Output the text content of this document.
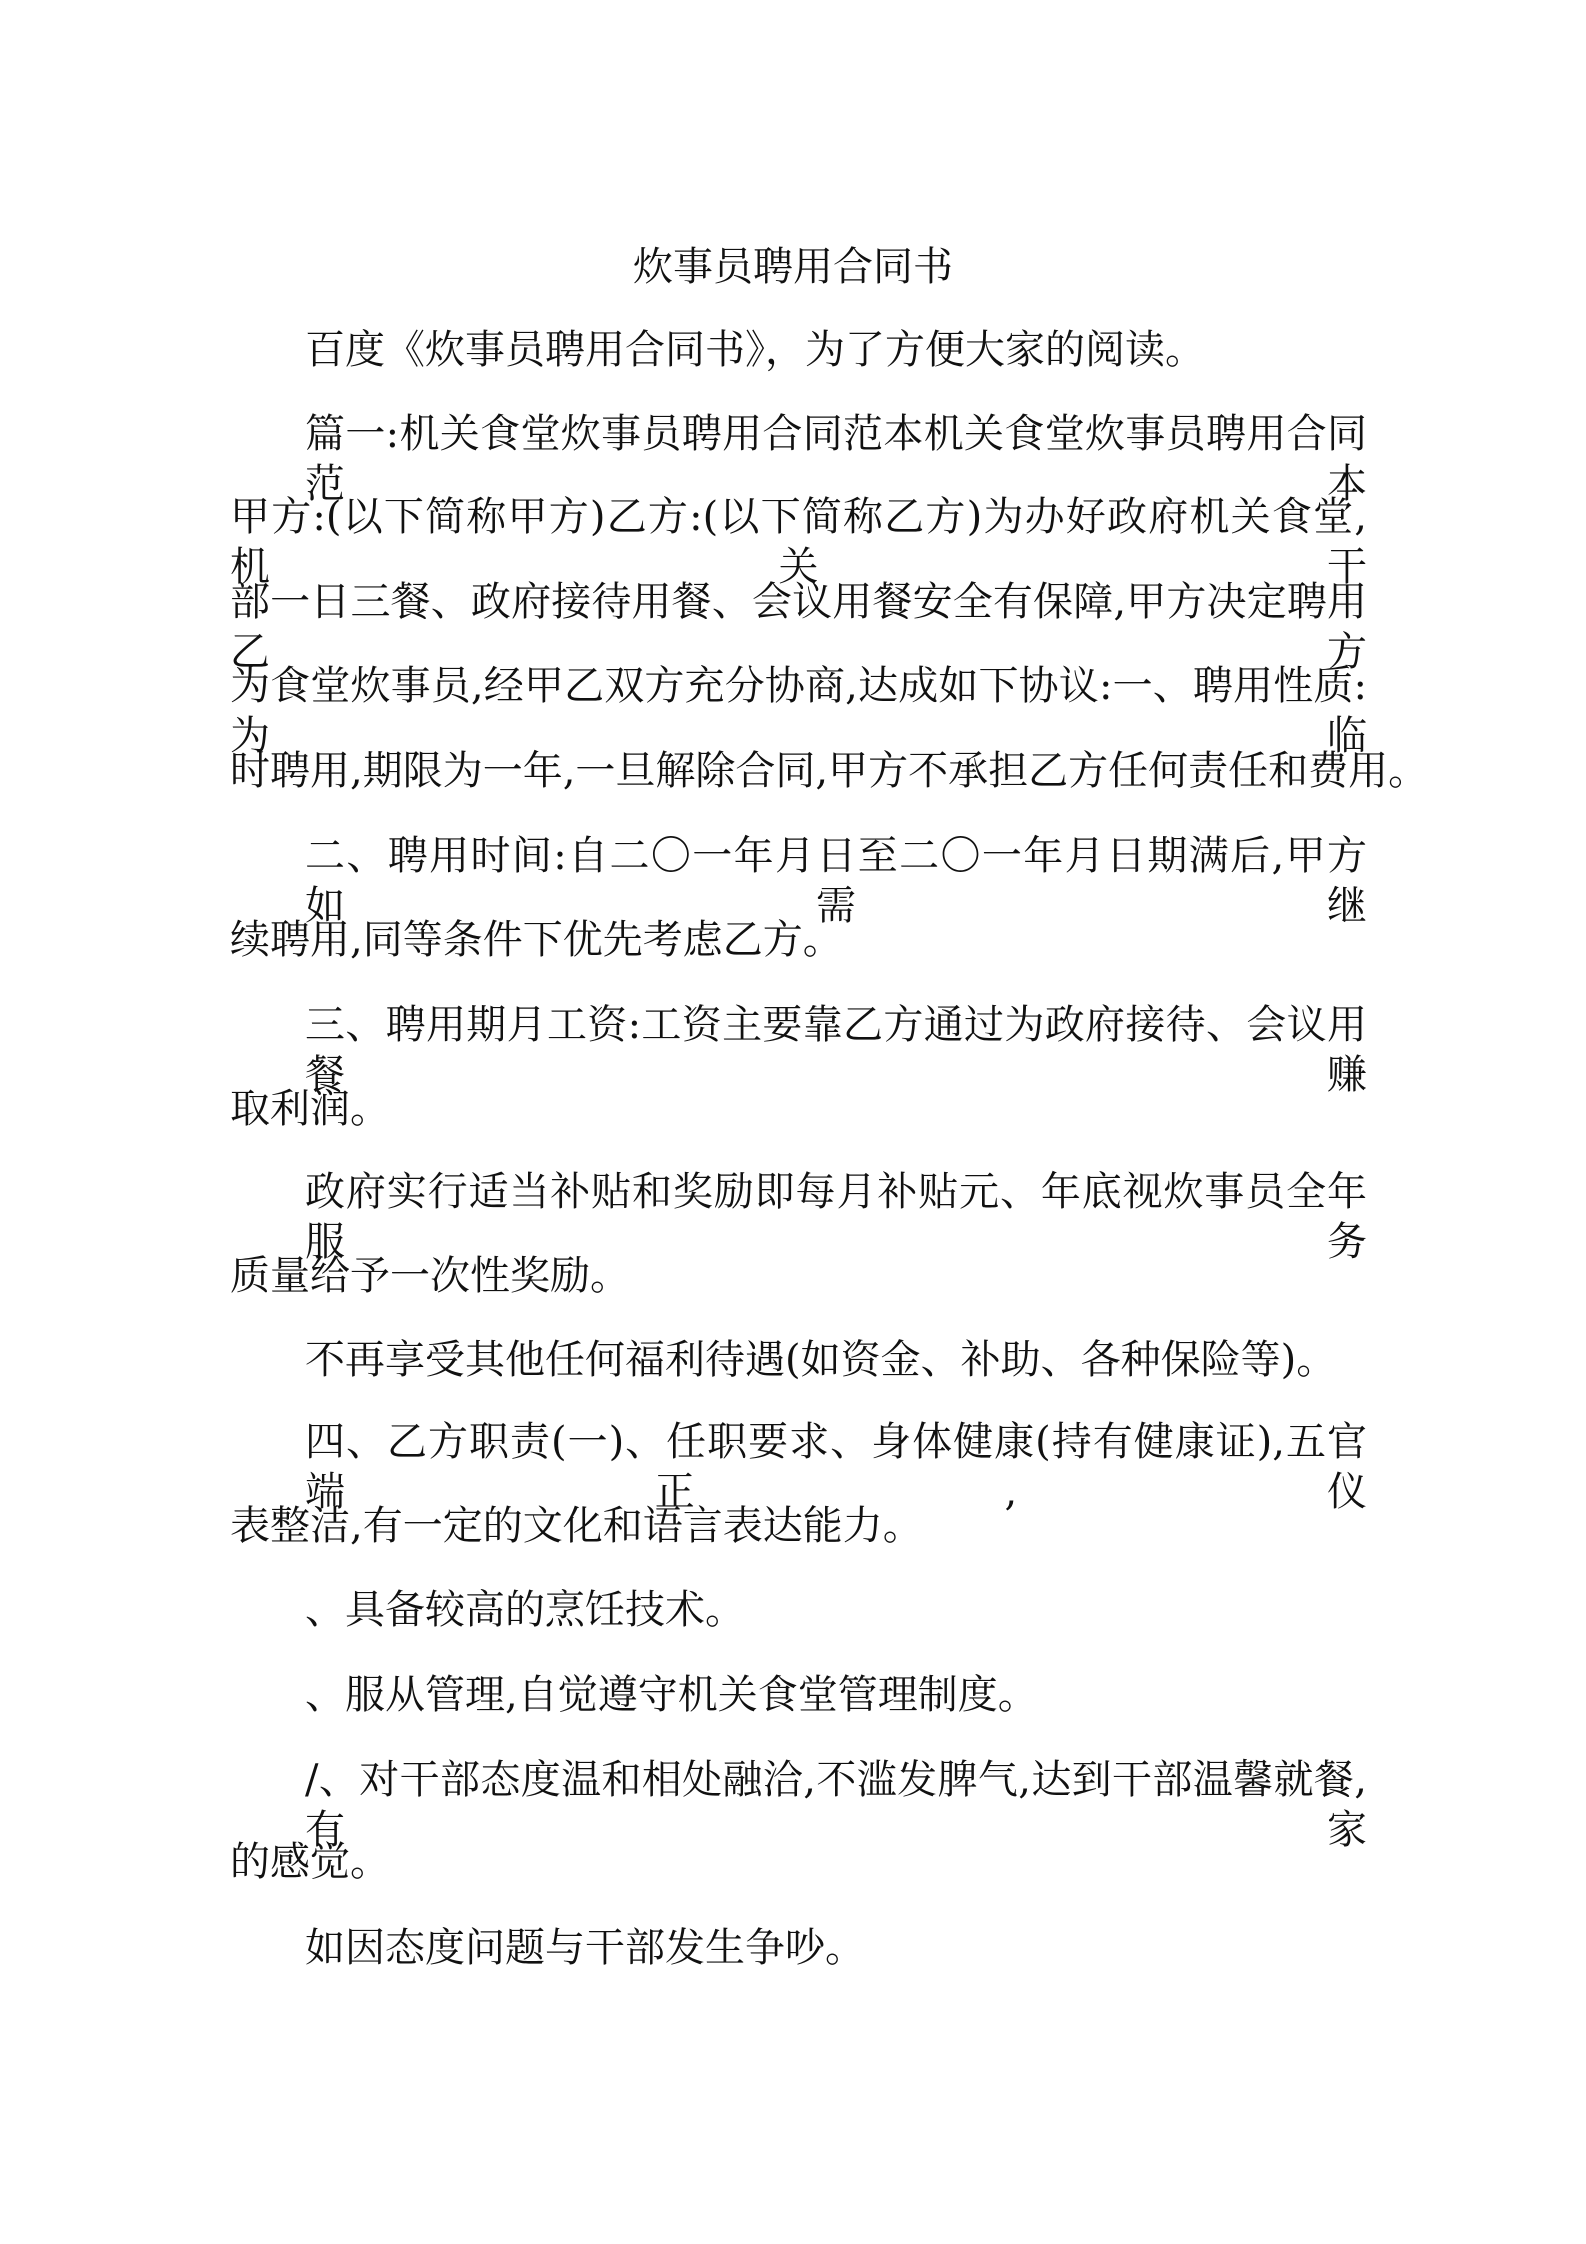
炊事员聘用合同书
百度《炊事员聘用合同书》，为了方便大家的阅读。
篇一:机关食堂炊事员聘用合同范本机关食堂炊事员聘用合同范本
甲方:(以下简称甲方)乙方:(以下简称乙方)为办好政府机关食堂,机关干
部一日三餐、政府接待用餐、会议用餐安全有保障,甲方决定聘用乙方
为食堂炊事员,经甲乙双方充分协商,达成如下协议:一、聘用性质:为临
时聘用,期限为一年,一旦解除合同,甲方不承担乙方任何责任和费用。
二、聘用时间:自二〇一年月日至二〇一年月日期满后,甲方如需继
续聘用,同等条件下优先考虑乙方。
三、聘用期月工资:工资主要靠乙方通过为政府接待、会议用餐赚
取利润。
政府实行适当补贴和奖励即每月补贴元、年底视炊事员全年服务
质量给予一次性奖励。
不再享受其他任何福利待遇(如资金、补助、各种保险等)。
四、乙方职责(一)、任职要求、身体健康(持有健康证),五官端正,仪
表整洁,有一定的文化和语言表达能力。
、具备较高的烹饪技术。
、服从管理,自觉遵守机关食堂管理制度。
/、对干部态度温和相处融洽,不滥发脾气,达到干部温馨就餐,有家
的感觉。
如因态度问题与干部发生争吵。
